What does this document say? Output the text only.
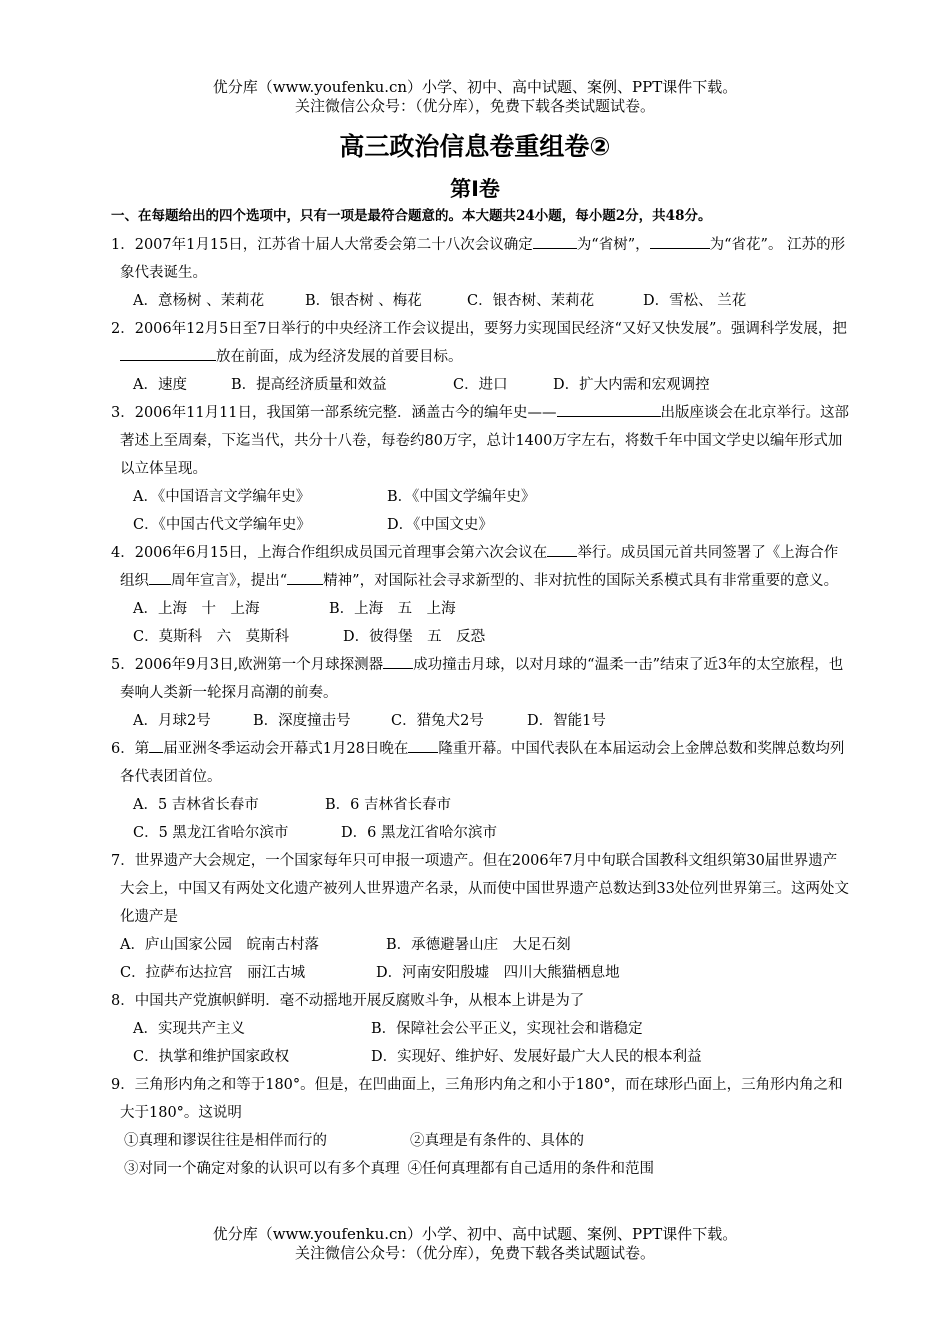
优分库（www.youfenku.cn）小学、初中、高中试题、案例、PPT课件下载。
关注微信公众号：（优分库），免费下载各类试题试卷。
高三政治信息卷重组卷②
第Ⅰ卷
一、在每题给出的四个选项中，只有一项是最符合题意的。本大题共24小题，每小题2分，共48分。
1．2007年1月15日，江苏省十届人大常委会第二十八次会议确定	为“省树”，	为“省花”。 江苏的形象代表诞生。
A．意杨树 、茉莉花	B．银杏树 、梅花	C．银杏树、茉莉花	D．雪松、 兰花
2．2006年12月5日至7日举行的中央经济工作会议提出，要努力实现国民经济“又好又快发展”。强调科学发展，把放在前面，成为经济发展的首要目标。
A．速度	B．提高经济质量和效益	C．进口	D．扩大内需和宏观调控
3．2006年11月11日，我国第一部系统完整．涵盖古今的编年史——	出版座谈会在北京举行。这部著述上至周秦，下迄当代，共分十八卷，每卷约80万字，总计1400万字左右，将数千年中国文学史以编年形式加以立体呈现。
A．《中国语言文学编年史》	B．《中国文学编年史》
C．《中国古代文学编年史》	D．《中国文史》
4．2006年6月15日，上海合作组织成员国元首理事会第六次会议在 举行。成员国元首共同签署了《上海合作组织 周年宣言》，提出“ 精神”，对国际社会寻求新型的、非对抗性的国际关系模式具有非常重要的意义。
A．上海　十　上海	B．上海　五　上海
C．莫斯科　六　莫斯科	D．彼得堡　五　反恐
5．2006年9月3日,欧洲第一个月球探测器 成功撞击月球，以对月球的“温柔一击”结束了近3年的太空旅程，也奏响人类新一轮探月高潮的前奏。
A．月球2号	B．深度撞击号	C．猎兔犬2号	D．智能1号
6．第 届亚洲冬季运动会开幕式1月28日晚在 隆重开幕。中国代表队在本届运动会上金牌总数和奖牌总数均列各代表团首位。
A．5 吉林省长春市	B．6 吉林省长春市
C．5 黑龙江省哈尔滨市	D．6 黑龙江省哈尔滨市
7．世界遗产大会规定，一个国家每年只可申报一项遗产。但在2006年7月中旬联合国教科文组织第30届世界遗产大会上，中国又有两处文化遗产被列人世界遗产名录，从而使中国世界遗产总数达到33处位列世界第三。这两处文化遗产是
A．庐山国家公园　皖南古村落	B．承德避暑山庄　大足石刻
C．拉萨布达拉宫　丽江古城	D．河南安阳殷墟　四川大熊猫栖息地
8．中国共产党旗帜鲜明．毫不动摇地开展反腐败斗争，从根本上讲是为了
A．实现共产主义	B．保障社会公平正义，实现社会和谐稳定
C．执掌和维护国家政权	D．实现好、维护好、发展好最广大人民的根本利益
9．三角形内角之和等于180°。但是，在凹曲面上，三角形内角之和小于180°，而在球形凸面上，三角形内角之和大于180°。这说明
①真理和谬误往往是相伴而行的	②真理是有条件的、具体的
③对同一个确定对象的认识可以有多个真理 ④任何真理都有自己适用的条件和范围
优分库（www.youfenku.cn）小学、初中、高中试题、案例、PPT课件下载。
关注微信公众号：（优分库），免费下载各类试题试卷。
